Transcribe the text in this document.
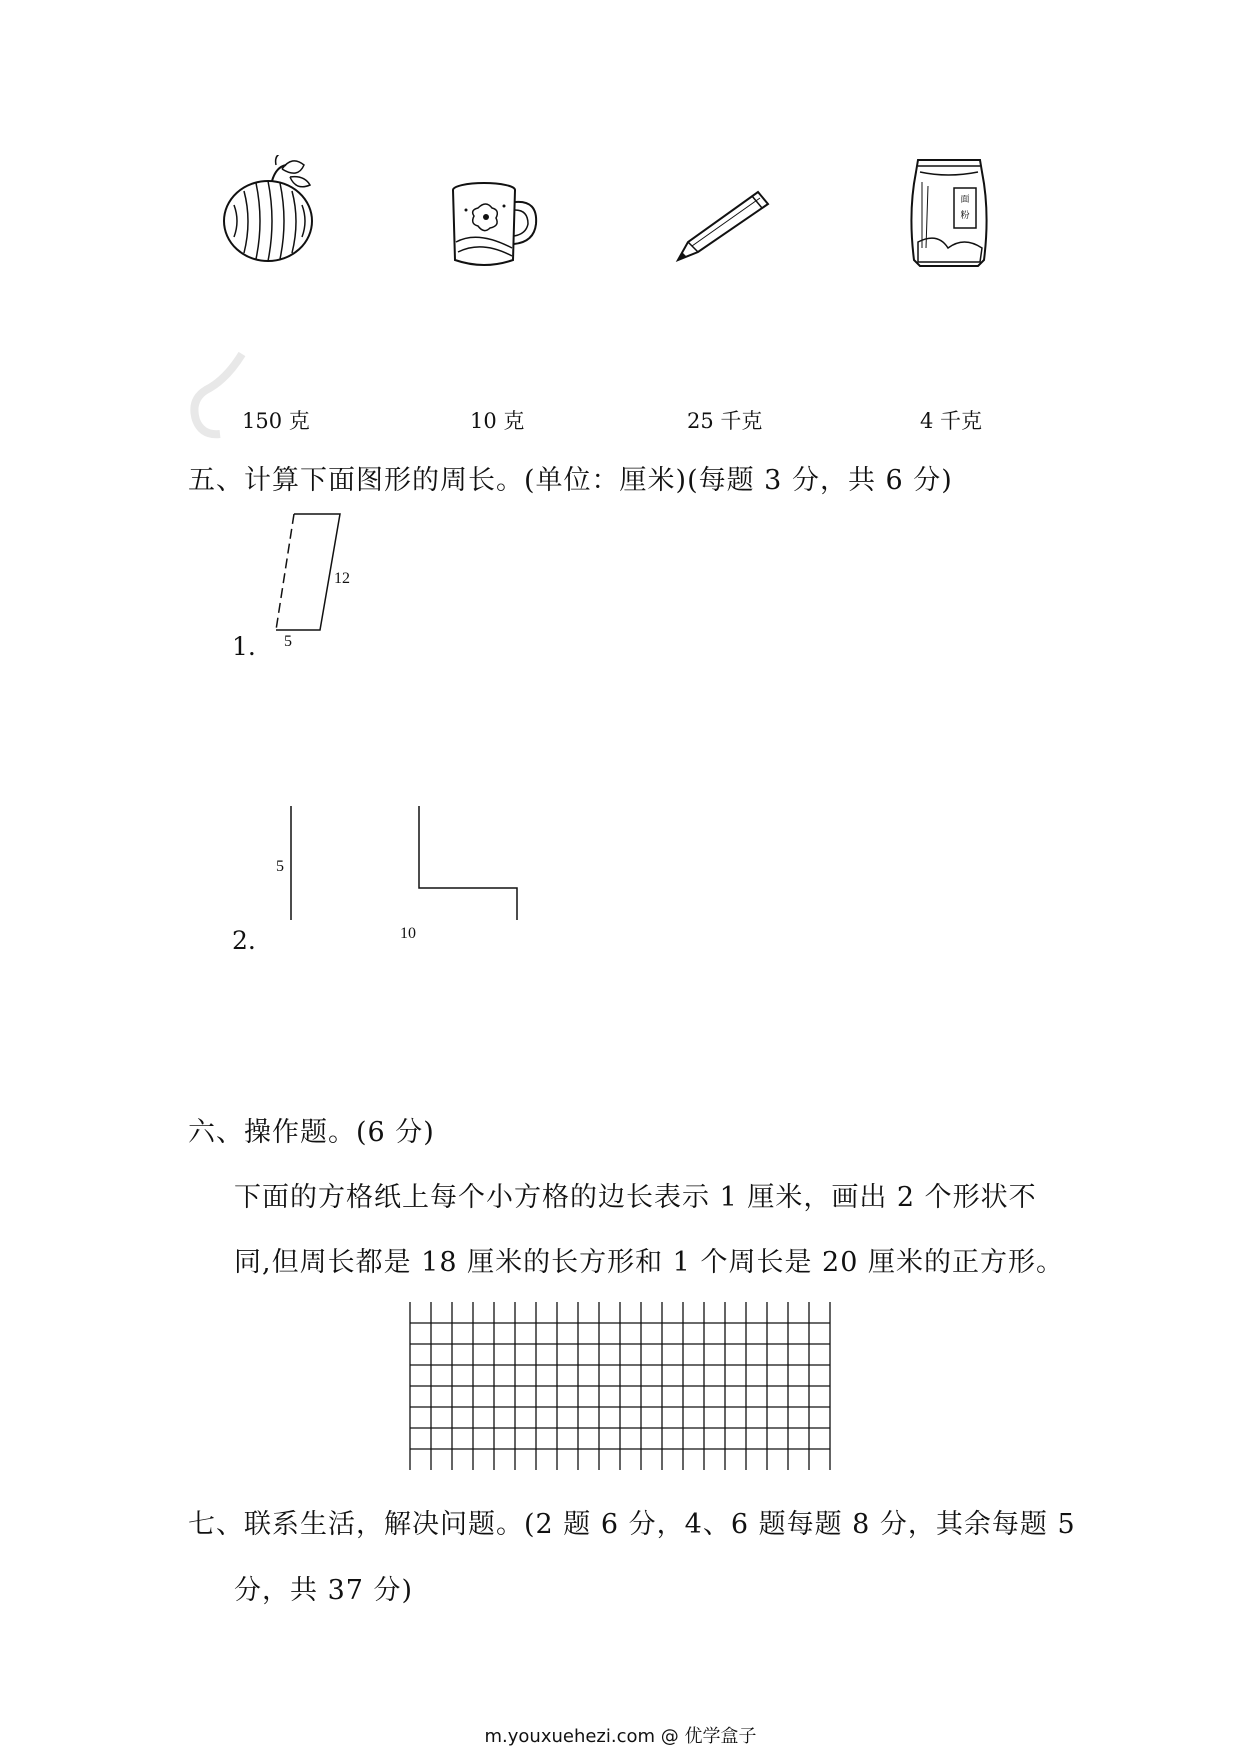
面
粉
150 克	10 克	25 千克	4 千克
五、计算下面图形的周长。(单位：厘米)(每题 3 分，共 6 分)
12
5
1.
5
10
2.
六、操作题。(6 分)
下面的方格纸上每个小方格的边长表示 1 厘米，画出 2 个形状不
同,但周长都是 18 厘米的长方形和 1 个周长是 20 厘米的正方形。
七、联系生活，解决问题。(2 题 6 分，4、6 题每题 8 分，其余每题 5
分，共 37 分)
m.youxuehezi.com @ 优学盒子
